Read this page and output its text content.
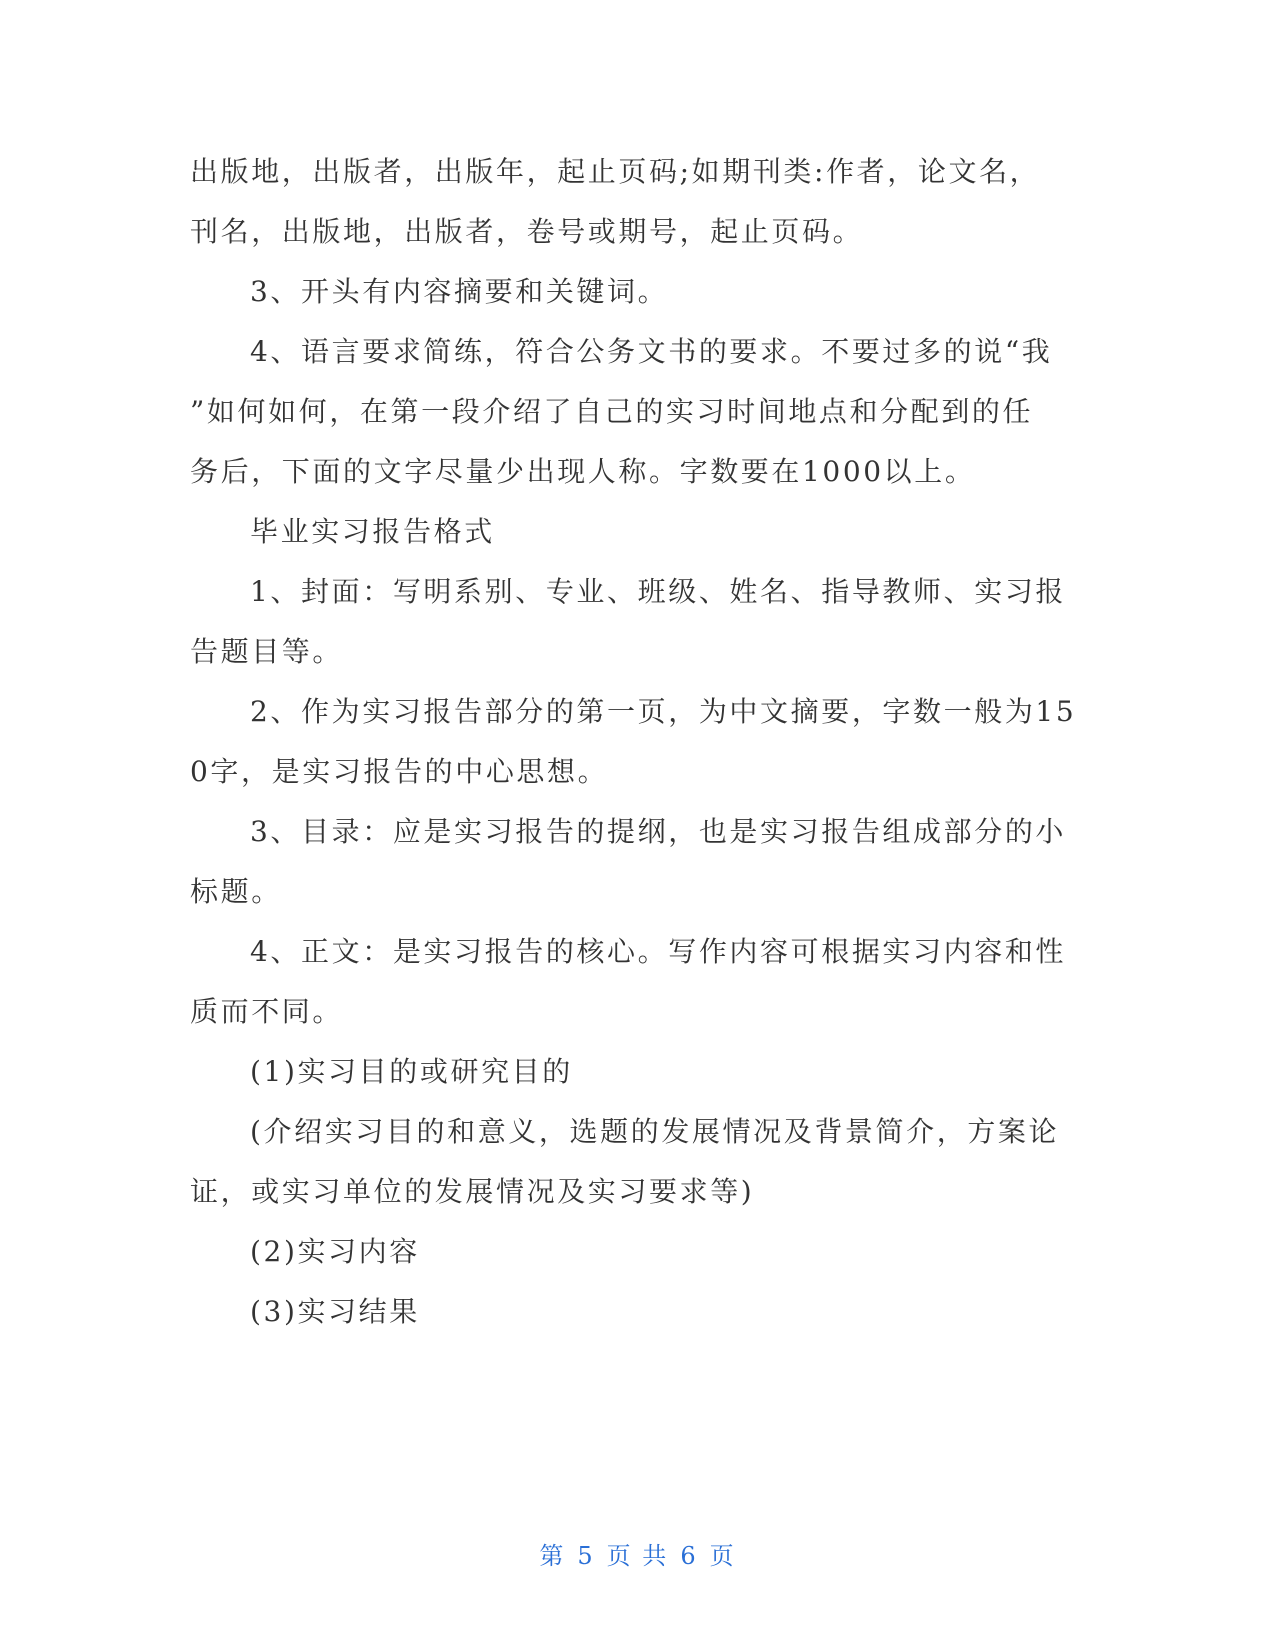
出版地，出版者，出版年，起止页码;如期刊类:作者，论文名，
刊名，出版地，出版者，卷号或期号，起止页码。
3、开头有内容摘要和关键词。
4、语言要求简练，符合公务文书的要求。不要过多的说“我
”如何如何，在第一段介绍了自己的实习时间地点和分配到的任
务后，下面的文字尽量少出现人称。字数要在1000以上。
毕业实习报告格式
1、封面：写明系别、专业、班级、姓名、指导教师、实习报
告题目等。
2、作为实习报告部分的第一页，为中文摘要，字数一般为15
0字，是实习报告的中心思想。
3、目录：应是实习报告的提纲，也是实习报告组成部分的小
标题。
4、正文：是实习报告的核心。写作内容可根据实习内容和性
质而不同。
(1)实习目的或研究目的
(介绍实习目的和意义，选题的发展情况及背景简介，方案论
证，或实习单位的发展情况及实习要求等)
(2)实习内容
(3)实习结果
第 5 页 共 6 页
